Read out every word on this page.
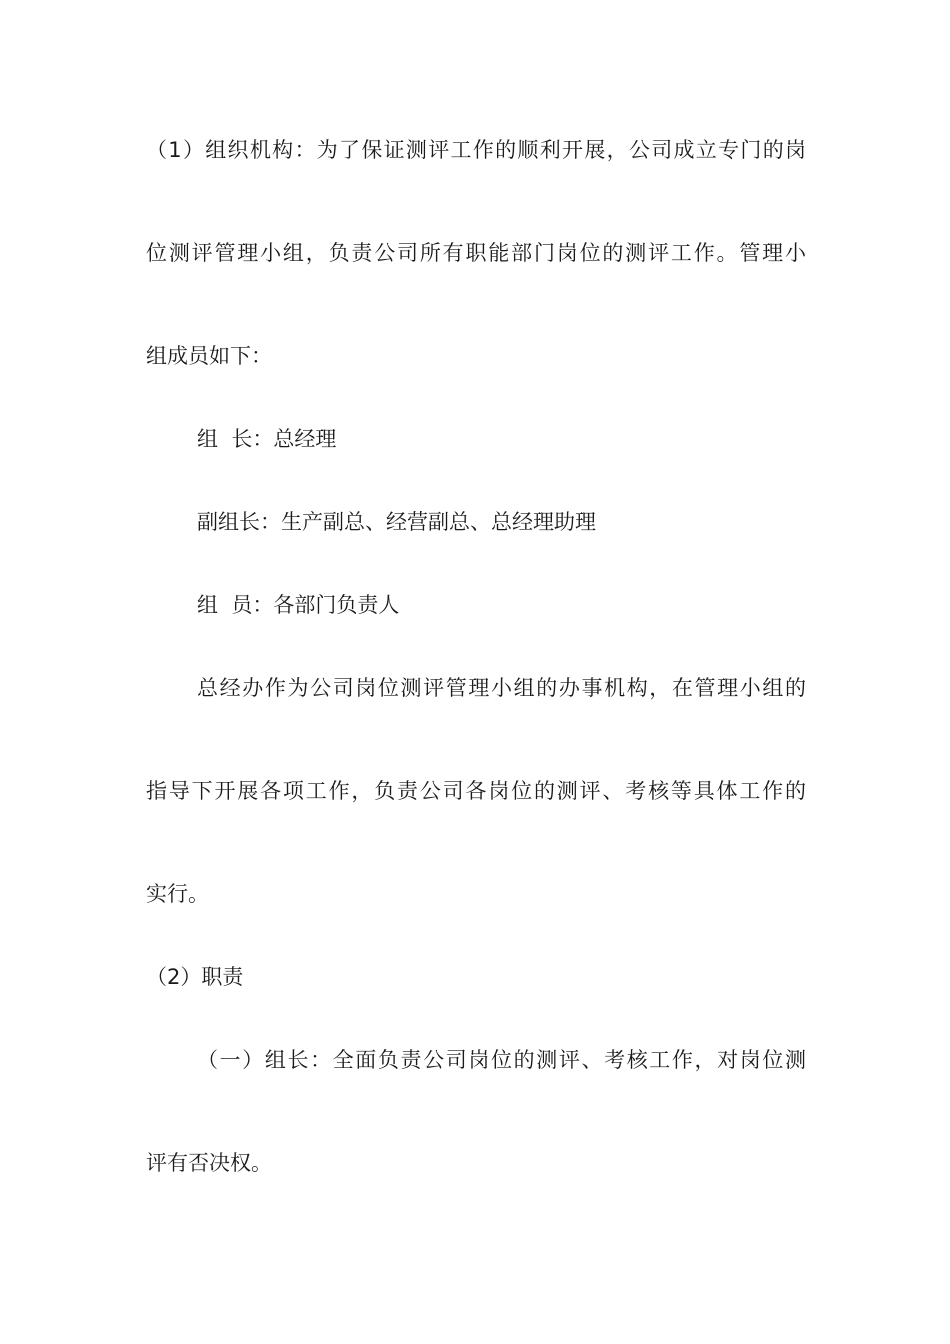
（1）组织机构：为了保证测评工作的顺利开展，公司成立专门的岗

位测评管理小组，负责公司所有职能部门岗位的测评工作。管理小

组成员如下：

组  长：总经理

副组长：生产副总、经营副总、总经理助理

组  员：各部门负责人

总经办作为公司岗位测评管理小组的办事机构，在管理小组的

指导下开展各项工作，负责公司各岗位的测评、考核等具体工作的

实行。

（2）职责

（一）组长：全面负责公司岗位的测评、考核工作，对岗位测

评有否决权。
